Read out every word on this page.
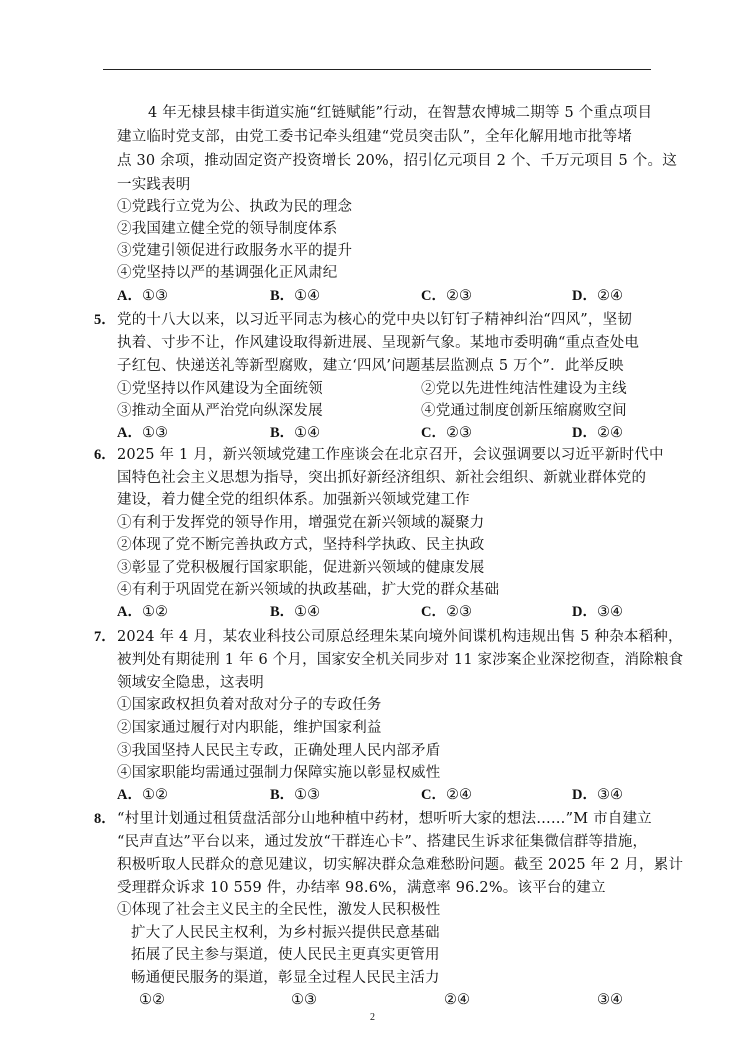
4 年无棣县棣丰街道实施“红链赋能”行动，在智慧农博城二期等 5 个重点项目
建立临时党支部，由党工委书记牵头组建“党员突击队”，全年化解用地市批等堵
点 30 余项，推动固定资产投资增长 20%，招引亿元项目 2 个、千万元项目 5 个。这
一实践表明
①党践行立党为公、执政为民的理念
②我国建立健全党的领导制度体系
③党建引领促进行政服务水平的提升
④党坚持以严的基调强化正风肃纪
A．①③	B．①④	C．②③	D．②④
5． 党的十八大以来，以习近平同志为核心的党中央以钉钉子精神纠治“四风”，坚韧
执着、寸步不让，作风建设取得新进展、呈现新气象。某地市委明确“重点查处电
子红包、快递送礼等新型腐败，建立‘四风’问题基层监测点 5 万个”．此举反映
①党坚持以作风建设为全面统领	②党以先进性纯洁性建设为主线
③推动全面从严治党向纵深发展	④党通过制度创新压缩腐败空间
A．①③	B．①④	C．②③	D．②④
6． 2025 年 1 月，新兴领域党建工作座谈会在北京召开，会议强调要以习近平新时代中
国特色社会主义思想为指导，突出抓好新经济组织、新社会组织、新就业群体党的
建设，着力健全党的组织体系。加强新兴领域党建工作
①有利于发挥党的领导作用，增强党在新兴领域的凝聚力
②体现了党不断完善执政方式，坚持科学执政、民主执政
③彰显了党积极履行国家职能，促进新兴领域的健康发展
④有利于巩固党在新兴领域的执政基础，扩大党的群众基础
A．①②	B．①④	C．②③	D．③④
7． 2024 年 4 月，某农业科技公司原总经理朱某向境外间谍机构违规出售 5 种杂本稻种，
被判处有期徒刑 1 年 6 个月，国家安全机关同步对 11 家涉案企业深挖彻查，消除粮食
领域安全隐患，这表明
①国家政权担负着对敌对分子的专政任务
②国家通过履行对内职能，维护国家利益
③我国坚持人民民主专政，正确处理人民内部矛盾
④国家职能均需通过强制力保障实施以彰显权威性
A．①②	B．①③	C．②④	D．③④
8． “村里计划通过租赁盘活部分山地种植中药材，想听听大家的想法……”M 市自建立
“民声直达”平台以来，通过发放“干群连心卡”、搭建民生诉求征集微信群等措施，
积极听取人民群众的意见建议，切实解决群众急难愁盼问题。截至 2025 年 2 月，累计
受理群众诉求 10 559 件，办结率 98.6%，满意率 96.2%。该平台的建立
①体现了社会主义民主的全民性，激发人民积极性
扩大了人民民主权利，为乡村振兴提供民意基础
拓展了民主参与渠道，使人民民主更真实更管用
畅通便民服务的渠道，彰显全过程人民民主活力
①②	①③	②④	③④
2
